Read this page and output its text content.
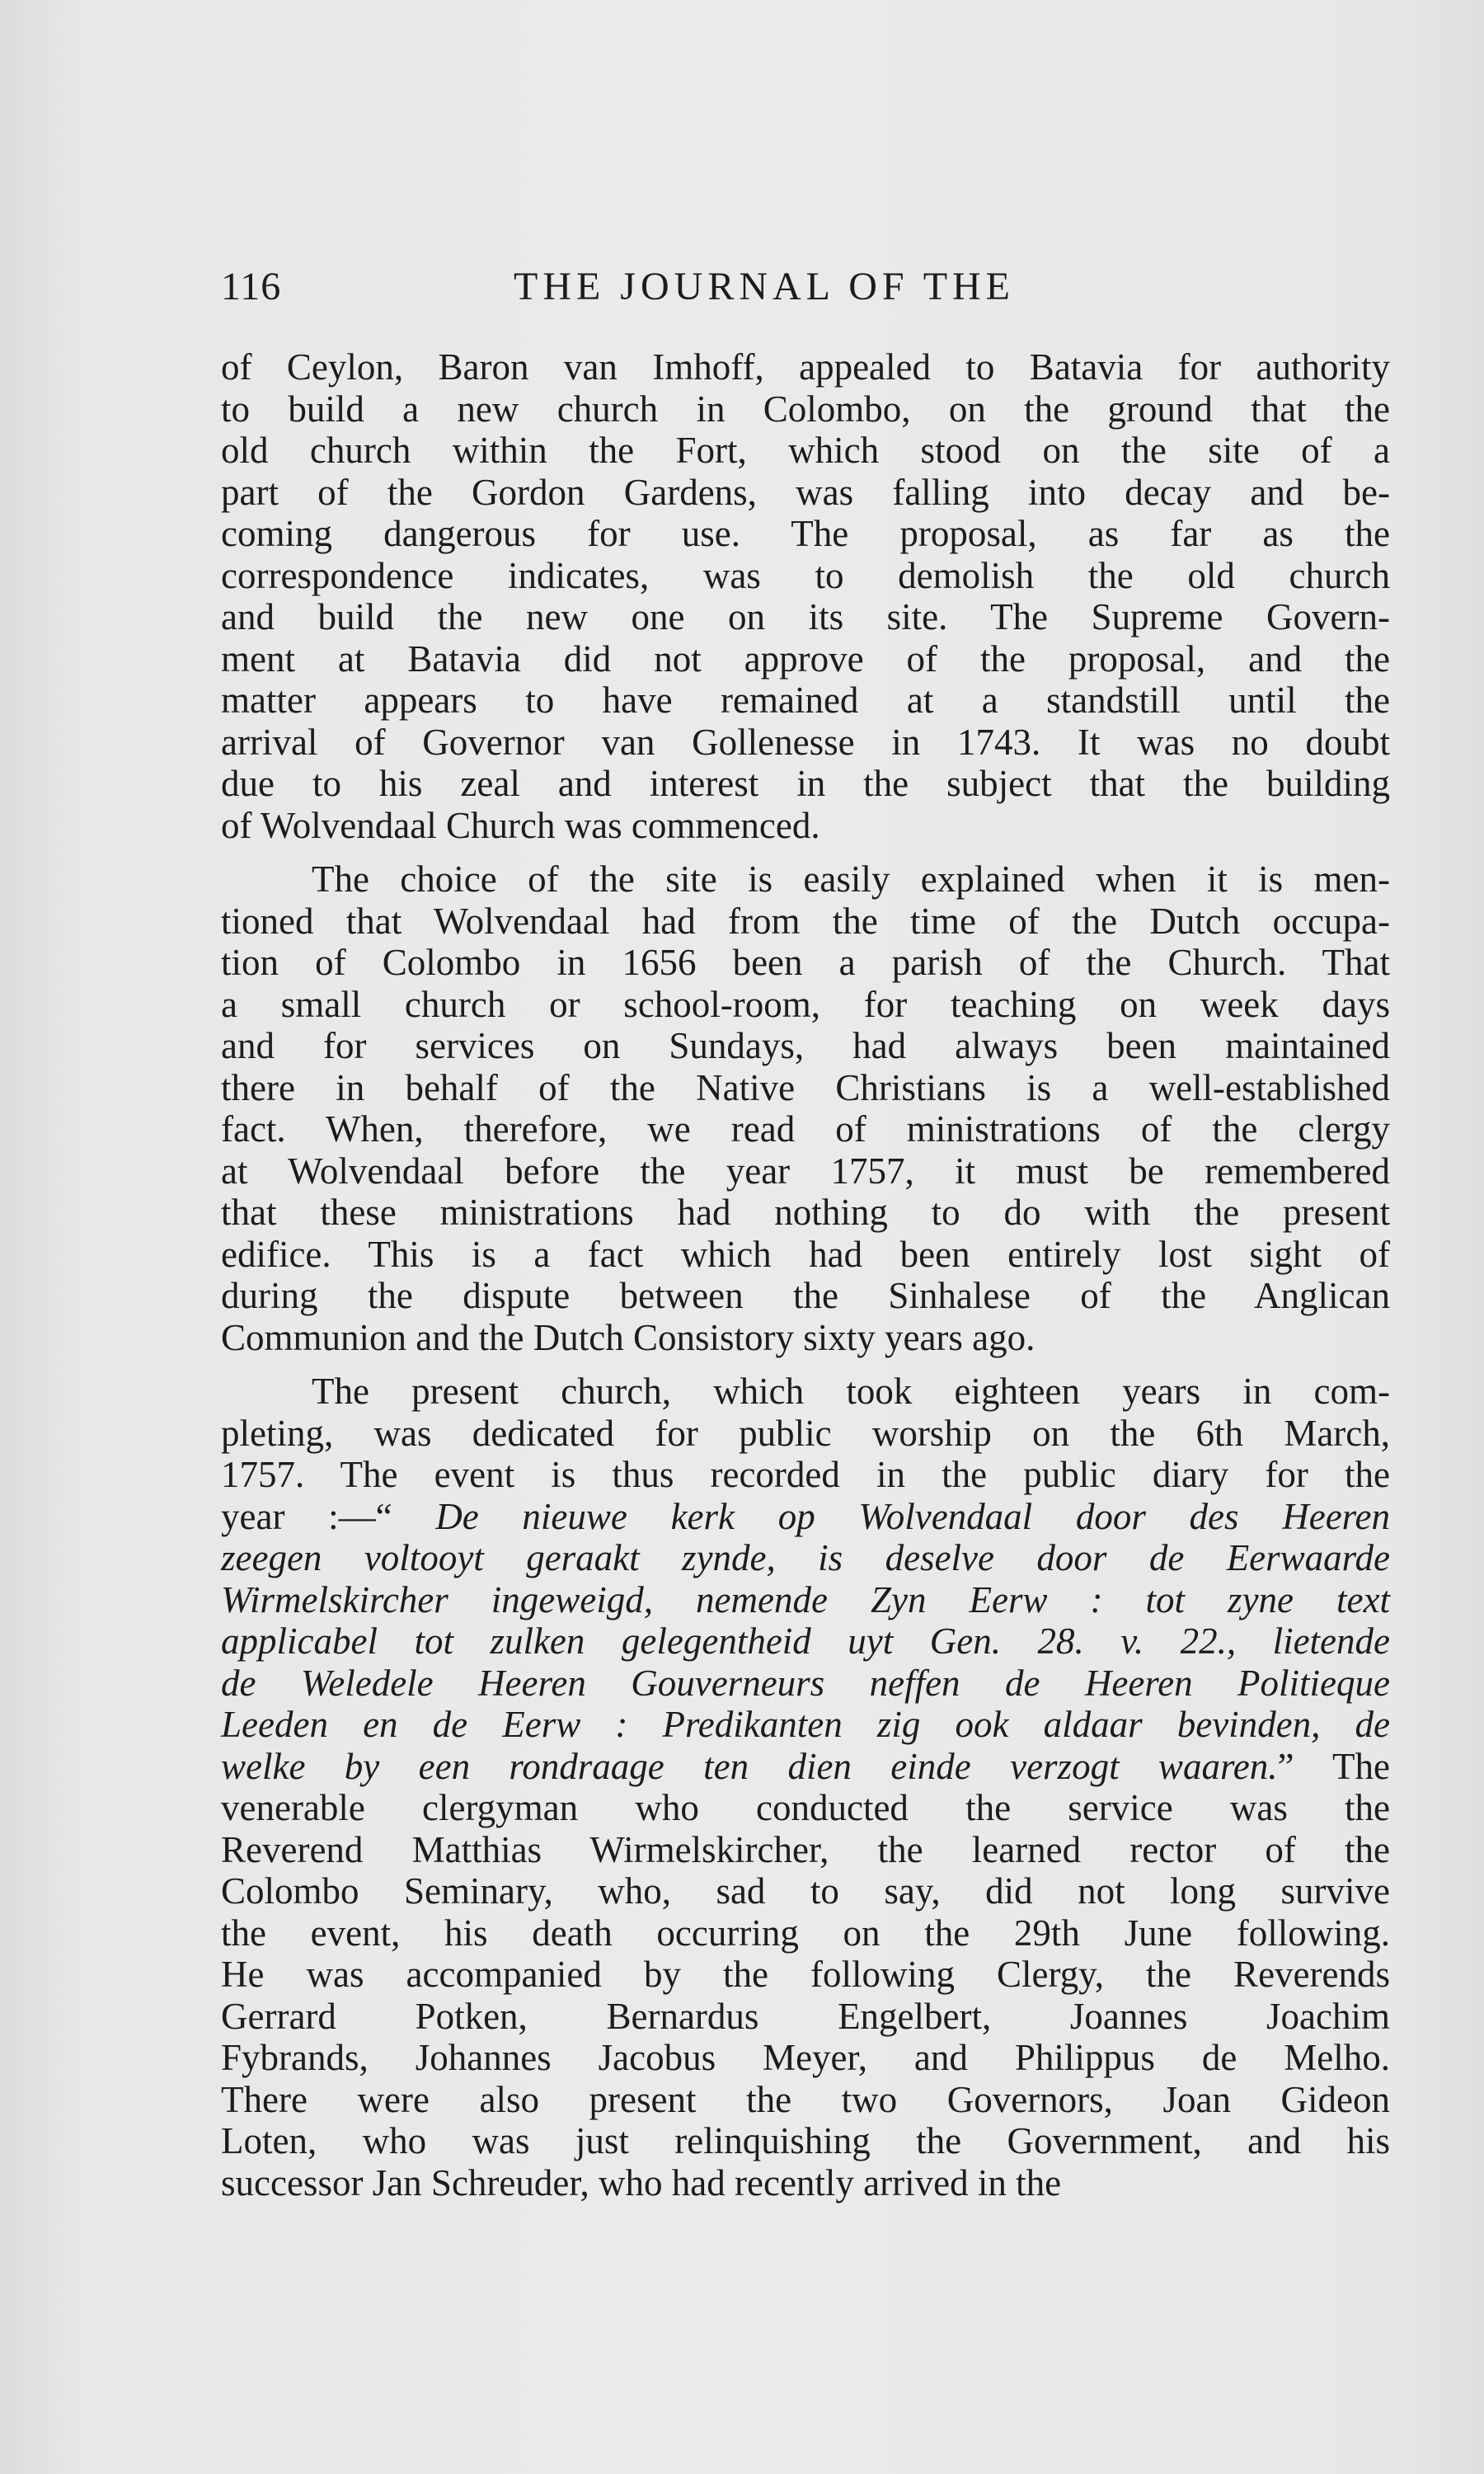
116	THE JOURNAL OF THE

of Ceylon, Baron van Imhoff, appealed to Batavia for authority
to build a new church in Colombo, on the ground that the
old church within the Fort, which stood on the site of a
part of the Gordon Gardens, was falling into decay and be-
coming dangerous for use. The proposal, as far as the
correspondence indicates, was to demolish the old church
and build the new one on its site. The Supreme Govern-
ment at Batavia did not approve of the proposal, and the
matter appears to have remained at a standstill until the
arrival of Governor van Gollenesse in 1743. It was no doubt
due to his zeal and interest in the subject that the building
of Wolvendaal Church was commenced.

The choice of the site is easily explained when it is men-
tioned that Wolvendaal had from the time of the Dutch occupa-
tion of Colombo in 1656 been a parish of the Church. That
a small church or school-room, for teaching on week days
and for services on Sundays, had always been maintained
there in behalf of the Native Christians is a well-established
fact. When, therefore, we read of ministrations of the clergy
at Wolvendaal before the year 1757, it must be remembered
that these ministrations had nothing to do with the present
edifice. This is a fact which had been entirely lost sight of
during the dispute between the Sinhalese of the Anglican
Communion and the Dutch Consistory sixty years ago.

The present church, which took eighteen years in com-
pleting, was dedicated for public worship on the 6th March,
1757. The event is thus recorded in the public diary for the
year :—“ De nieuwe kerk op Wolvendaal door des Heeren
zeegen voltooyt geraakt zynde, is deselve door de Eerwaarde
Wirmelskircher ingeweigd, nemende Zyn Eerw : tot zyne text
applicabel tot zulken gelegentheid uyt Gen. 28. v. 22., lietende
de Weledele Heeren Gouverneurs neffen de Heeren Politieque
Leeden en de Eerw : Predikanten zig ook aldaar bevinden, de
welke by een rondraage ten dien einde verzogt waaren.” The
venerable clergyman who conducted the service was the
Reverend Matthias Wirmelskircher, the learned rector of the
Colombo Seminary, who, sad to say, did not long survive
the event, his death occurring on the 29th June following.
He was accompanied by the following Clergy, the Reverends
Gerrard Potken, Bernardus Engelbert, Joannes Joachim
Fybrands, Johannes Jacobus Meyer, and Philippus de Melho.
There were also present the two Governors, Joan Gideon
Loten, who was just relinquishing the Government, and his
successor Jan Schreuder, who had recently arrived in the
